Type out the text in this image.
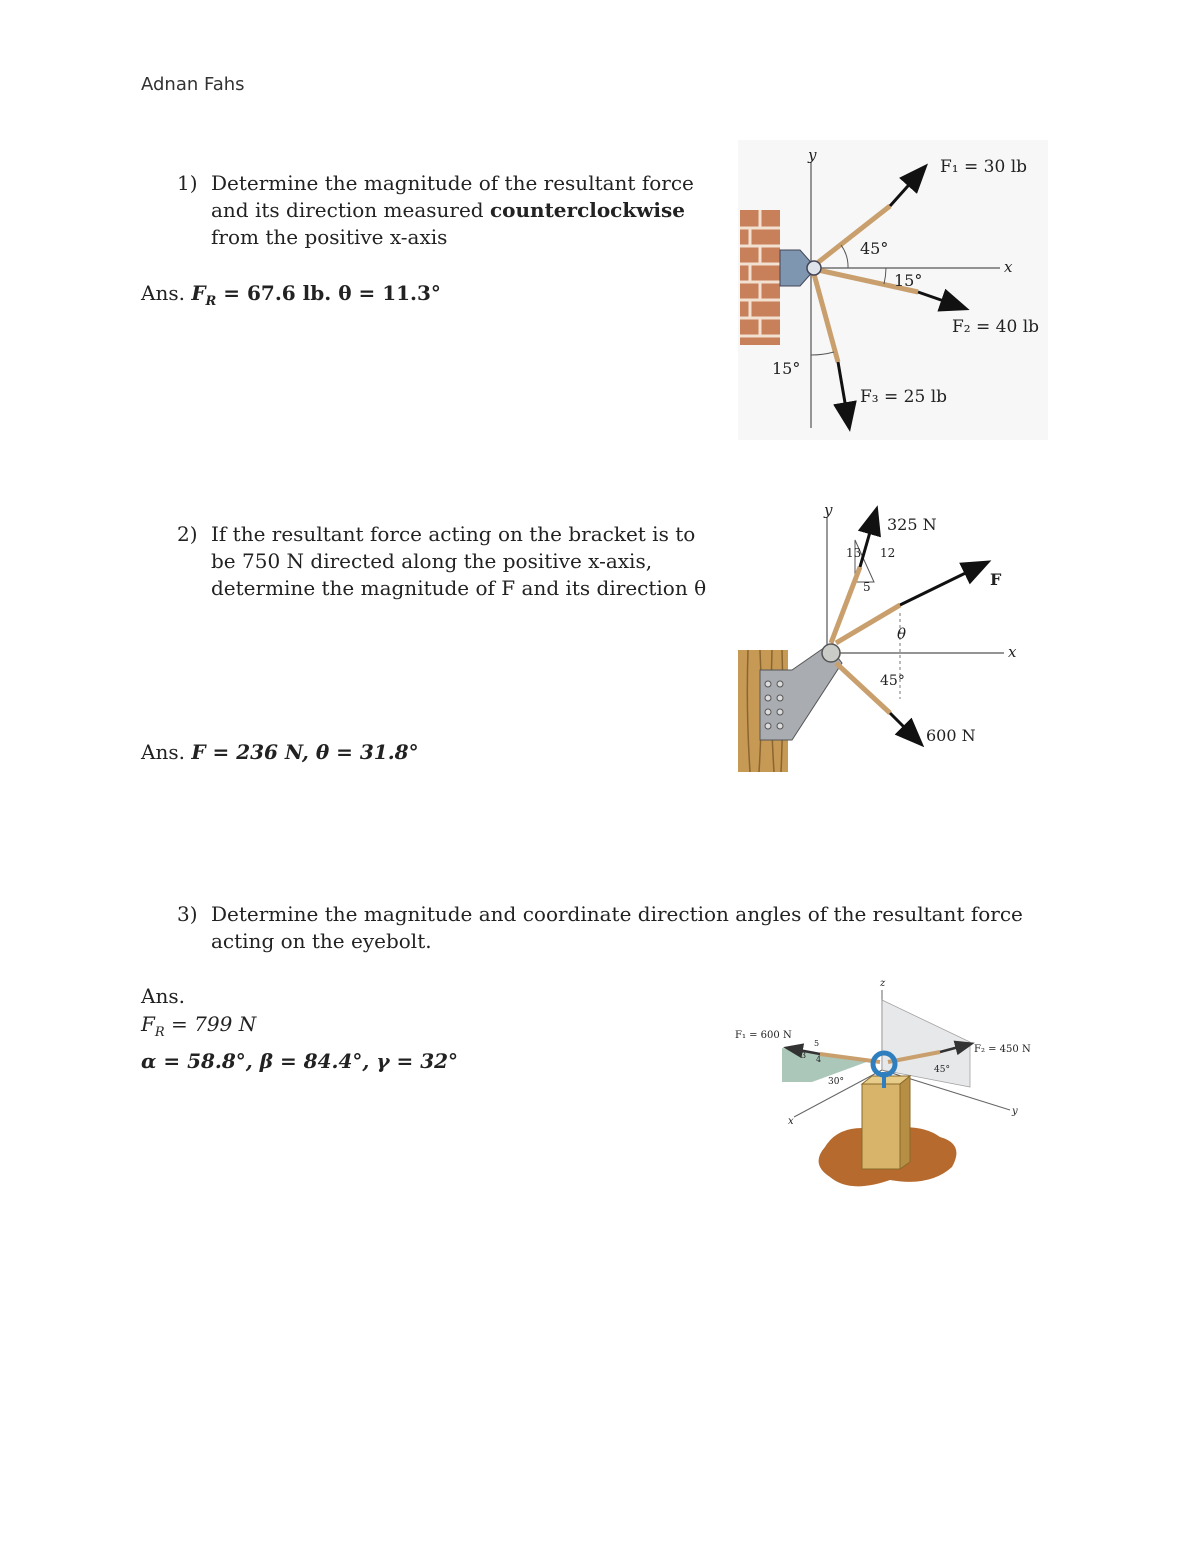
Adnan Fahs
1) Determine the magnitude of the resultant force and its direction measured counterclockwise from the positive x-axis
Ans. $F_R = 67.6$ lb. θ = 11.3°
y
x
45°
15°
15°
F₁ = 30 lb
F₂ = 40 lb
F₃ = 25 lb
2) If the resultant force acting on the bracket is to be 750 N directed along the positive x-axis, determine the magnitude of F and its direction θ
Ans. F = 236 N, θ = 31.8°
y
x
13 12
5
325 N
F
600 N
θ
45°
3) Determine the magnitude and coordinate direction angles of the resultant force acting on the eyebolt.
Ans.
$F_R = 799$ N
α = 58.8°, β = 84.4°, γ = 32°
z
x
y
F₁ = 600 N
F₂ = 450 N
5
3 4
30°
45°
